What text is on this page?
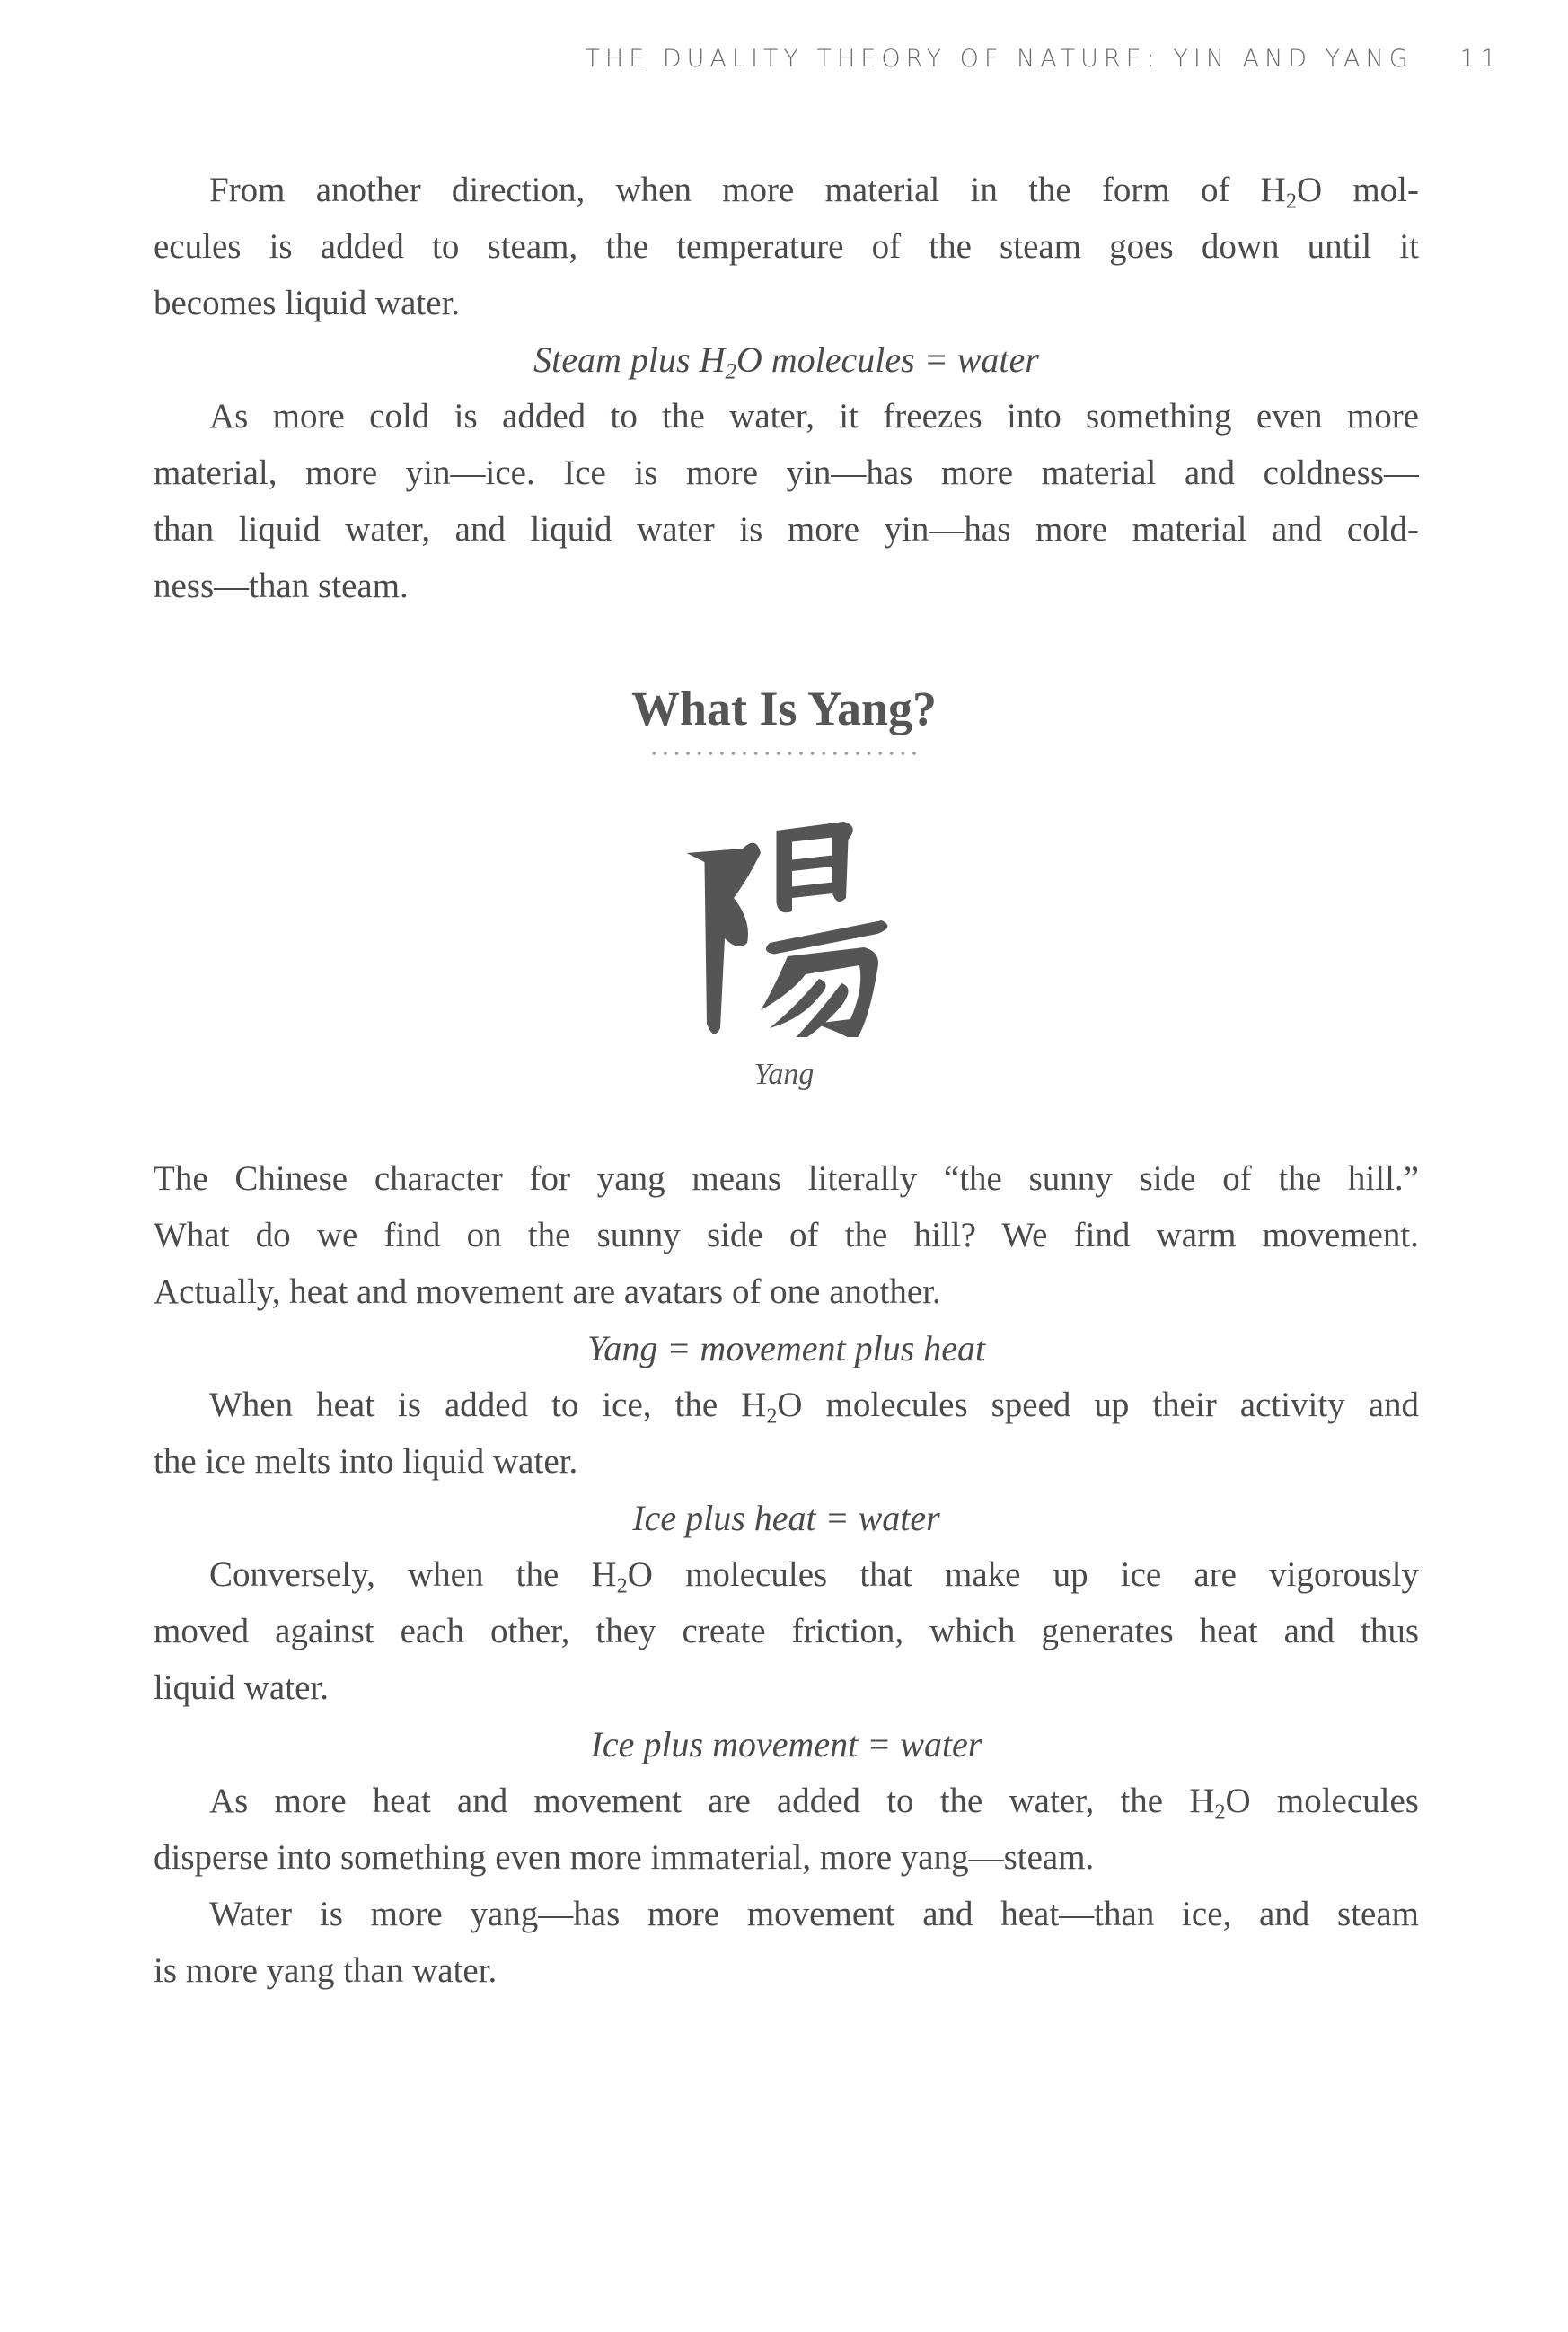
THE DUALITY THEORY OF NATURE: YIN AND YANG 11
From another direction, when more material in the form of $H_2O$ mol-
ecules is added to steam, the temperature of the steam goes down until it
becomes liquid water.
Steam plus $H_2O$ molecules = water
As more cold is added to the water, it freezes into something even more
material, more yin—ice. Ice is more yin—has more material and coldness—
than liquid water, and liquid water is more yin—has more material and cold-
ness—than steam.
What Is Yang?
Yang
The Chinese character for yang means literally “the sunny side of the hill.”
What do we find on the sunny side of the hill? We find warm movement.
Actually, heat and movement are avatars of one another.
Yang = movement plus heat
When heat is added to ice, the $H_2O$ molecules speed up their activity and
the ice melts into liquid water.
Ice plus heat = water
Conversely, when the $H_2O$ molecules that make up ice are vigorously
moved against each other, they create friction, which generates heat and thus
liquid water.
Ice plus movement = water
As more heat and movement are added to the water, the $H_2O$ molecules
disperse into something even more immaterial, more yang—steam.
Water is more yang—has more movement and heat—than ice, and steam
is more yang than water.
